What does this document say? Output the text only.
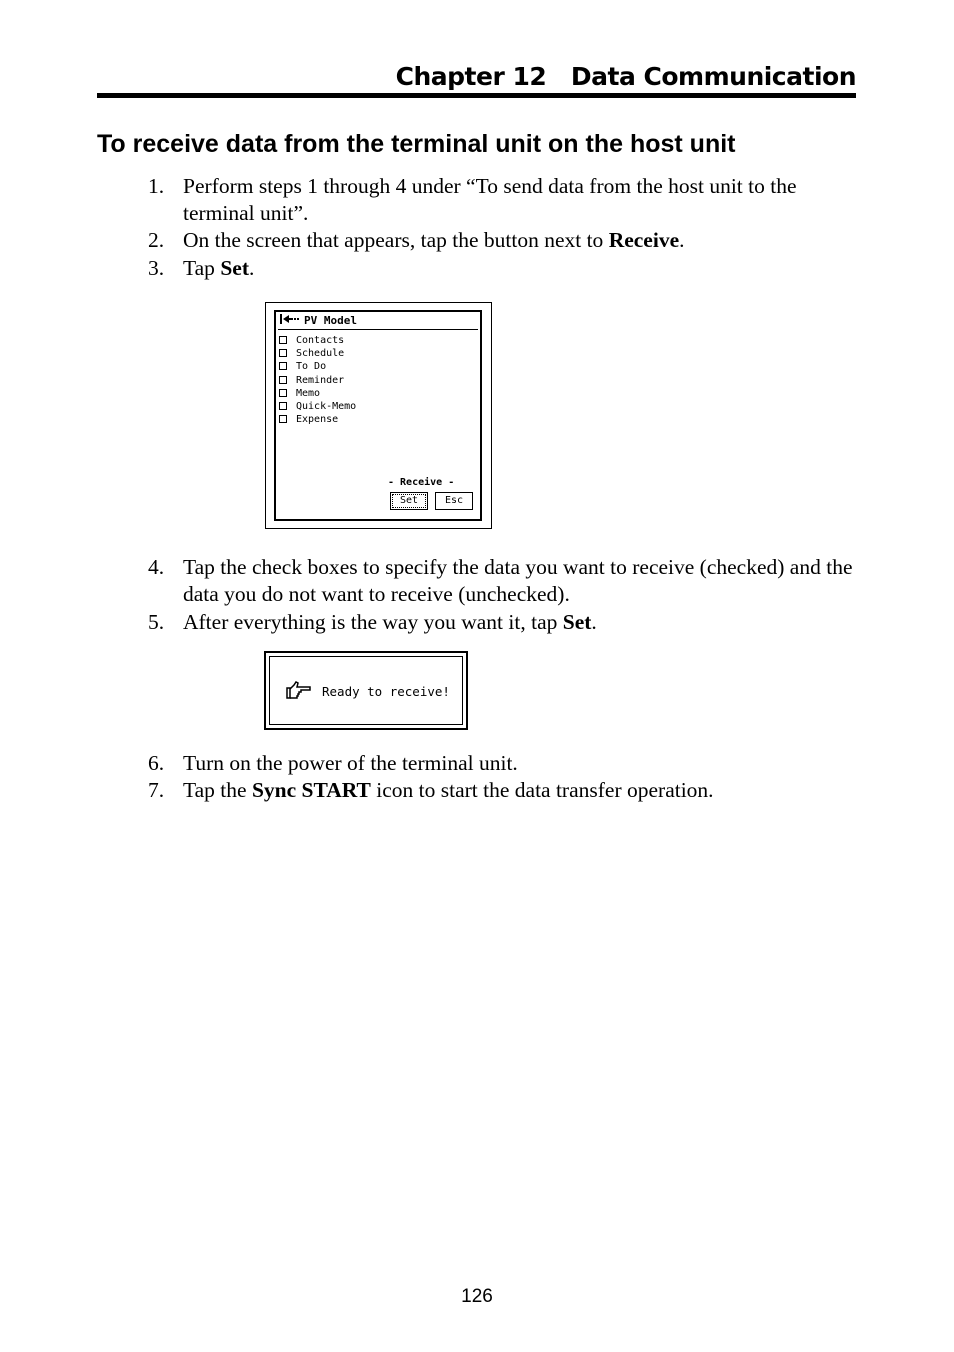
Chapter 12   Data Communication
To receive data from the terminal unit on the host unit
1. Perform steps 1 through 4 under “To send data from the host unit to the terminal unit”.
2. On the screen that appears, tap the button next to Receive.
3. Tap Set.
PV Model
Contacts
Schedule
To Do
Reminder
Memo
Quick-Memo
Expense
- Receive -
Set	Esc
4. Tap the check boxes to specify the data you want to receive (checked) and the data you do not want to receive (unchecked).
5. After everything is the way you want it, tap Set.
Ready to receive!
6. Turn on the power of the terminal unit.
7. Tap the Sync START icon to start the data transfer operation.
126
